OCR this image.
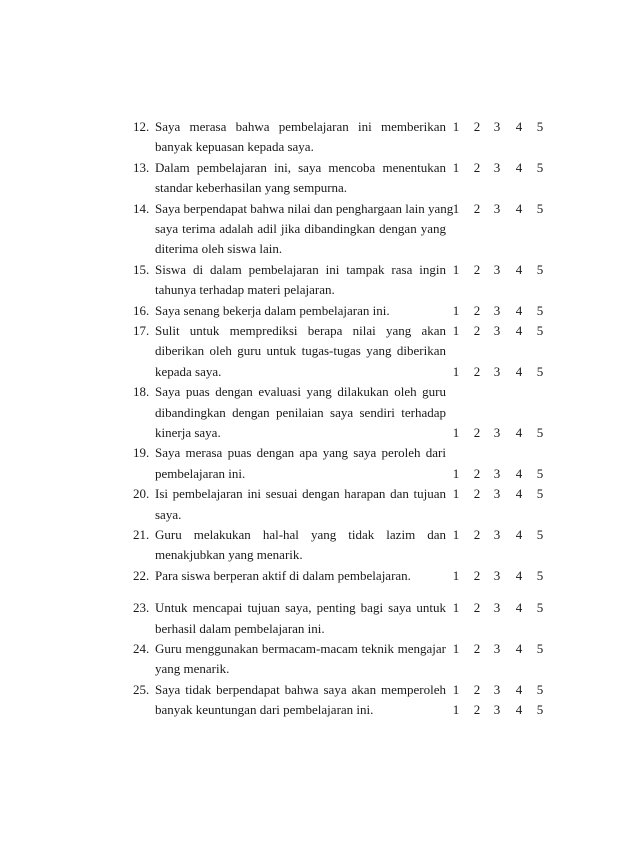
12. Saya merasa bahwa pembelajaran ini memberikan 1 2 3 4 5
banyak kepuasan kepada saya.
13. Dalam pembelajaran ini, saya mencoba menentukan 1 2 3 4 5
standar keberhasilan yang sempurna.
14. Saya berpendapat bahwa nilai dan penghargaan lain yang 1 2 3 4 5
saya terima adalah adil jika dibandingkan dengan yang
diterima oleh siswa lain.
15. Siswa di dalam pembelajaran ini tampak rasa ingin 1 2 3 4 5
tahunya terhadap materi pelajaran.
16. Saya senang bekerja dalam pembelajaran ini.	1 2 3 4 5
17. Sulit untuk memprediksi berapa nilai yang akan 1 2 3 4 5
diberikan oleh guru untuk tugas-tugas yang diberikan
kepada saya.	1 2 3 4 5
18. Saya puas dengan evaluasi yang dilakukan oleh guru
dibandingkan dengan penilaian saya sendiri terhadap
kinerja saya.	1 2 3 4 5
19. Saya merasa puas dengan apa yang saya peroleh dari
pembelajaran ini.	1 2 3 4 5
20. Isi pembelajaran ini sesuai dengan harapan dan tujuan 1 2 3 4 5
saya.
21. Guru melakukan hal-hal yang tidak lazim dan 1 2 3 4 5
menakjubkan yang menarik.
22. Para siswa berperan aktif di dalam pembelajaran.	1 2 3 4 5
23. Untuk mencapai tujuan saya, penting bagi saya untuk 1 2 3 4 5
berhasil dalam pembelajaran ini.
24. Guru menggunakan bermacam-macam teknik mengajar 1 2 3 4 5
yang menarik.
25. Saya tidak berpendapat bahwa saya akan memperoleh 1 2 3 4 5
banyak keuntungan dari pembelajaran ini.	1 2 3 4 5
